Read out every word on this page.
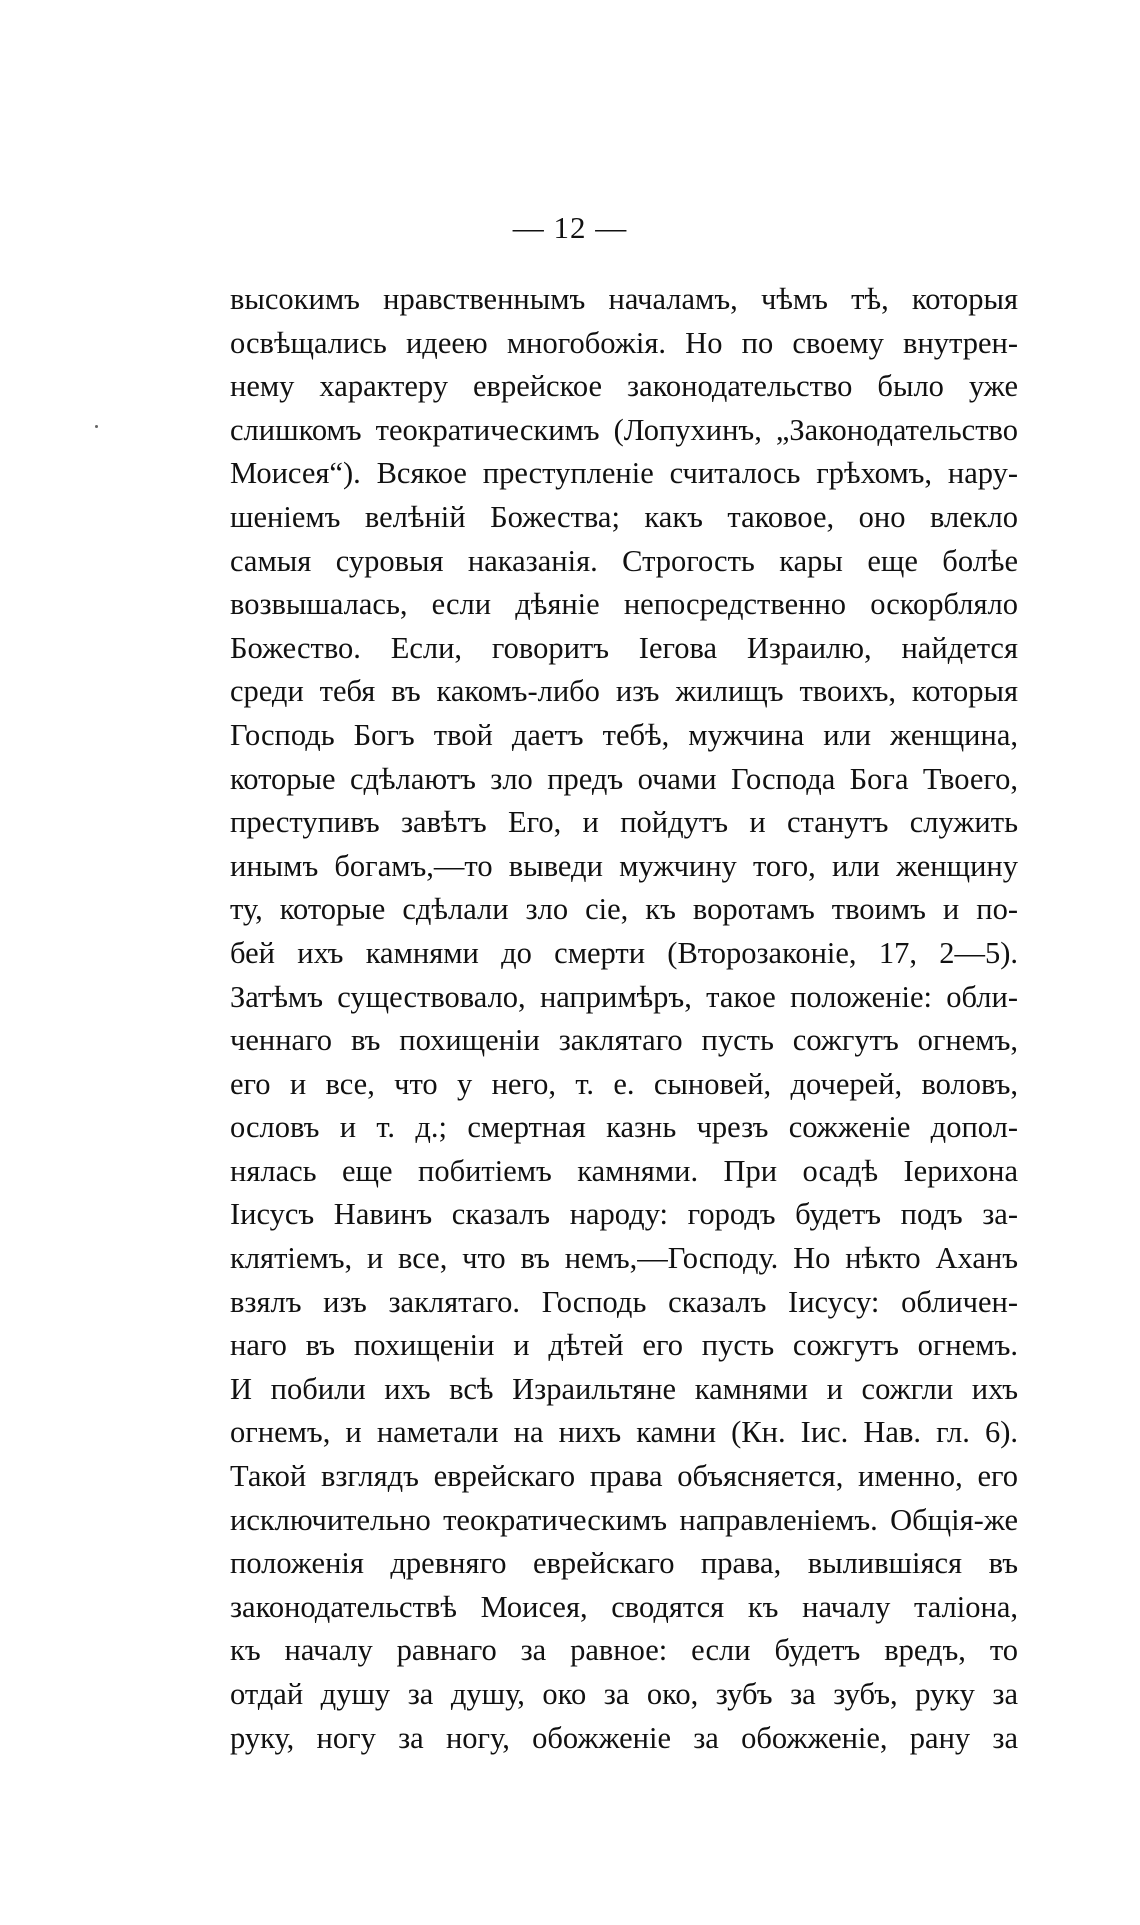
— 12 —
высокимъ нравственнымъ началамъ, чѣмъ тѣ, которыя
освѣщались идеею многобожія. Но по своему внутрен-
нему характеру еврейское законодательство было уже
слишкомъ теократическимъ (Лопухинъ, „Законодательство
Моисея“). Всякое преступленіе считалось грѣхомъ, нару-
шеніемъ велѣній Божества; какъ таковое, оно влекло
самыя суровыя наказанія. Строгость кары еще болѣе
возвышалась, если дѣяніе непосредственно оскорбляло
Божество. Если, говоритъ Іегова Израилю, найдется
среди тебя въ какомъ-либо изъ жилищъ твоихъ, которыя
Господь Богъ твой даетъ тебѣ, мужчина или женщина,
которые сдѣлаютъ зло предъ очами Господа Бога Твоего,
преступивъ завѣтъ Его, и пойдутъ и станутъ служить
инымъ богамъ,—то выведи мужчину того, или женщину
ту, которые сдѣлали зло сіе, къ воротамъ твоимъ и по-
бей ихъ камнями до смерти (Второзаконіе, 17, 2—5).
Затѣмъ существовало, напримѣръ, такое положеніе: обли-
ченнаго въ похищеніи заклятаго пусть сожгутъ огнемъ,
его и все, что у него, т. е. сыновей, дочерей, воловъ,
ословъ и т. д.; смертная казнь чрезъ сожженіе допол-
нялась еще побитіемъ камнями. При осадѣ Іерихона
Іисусъ Навинъ сказалъ народу: городъ будетъ подъ за-
клятіемъ, и все, что въ немъ,—Господу. Но нѣкто Аханъ
взялъ изъ заклятаго. Господь сказалъ Іисусу: обличен-
наго въ похищеніи и дѣтей его пусть сожгутъ огнемъ.
И побили ихъ всѣ Израильтяне камнями и сожгли ихъ
огнемъ, и наметали на нихъ камни (Кн. Іис. Нав. гл. 6).
Такой взглядъ еврейскаго права объясняется, именно, его
исключительно теократическимъ направленіемъ. Общія-же
положенія древняго еврейскаго права, вылившіяся въ
законодательствѣ Моисея, сводятся къ началу таліона,
къ началу равнаго за равное: если будетъ вредъ, то
отдай душу за душу, око за око, зубъ за зубъ, руку за
руку, ногу за ногу, обожженіе за обожженіе, рану за
